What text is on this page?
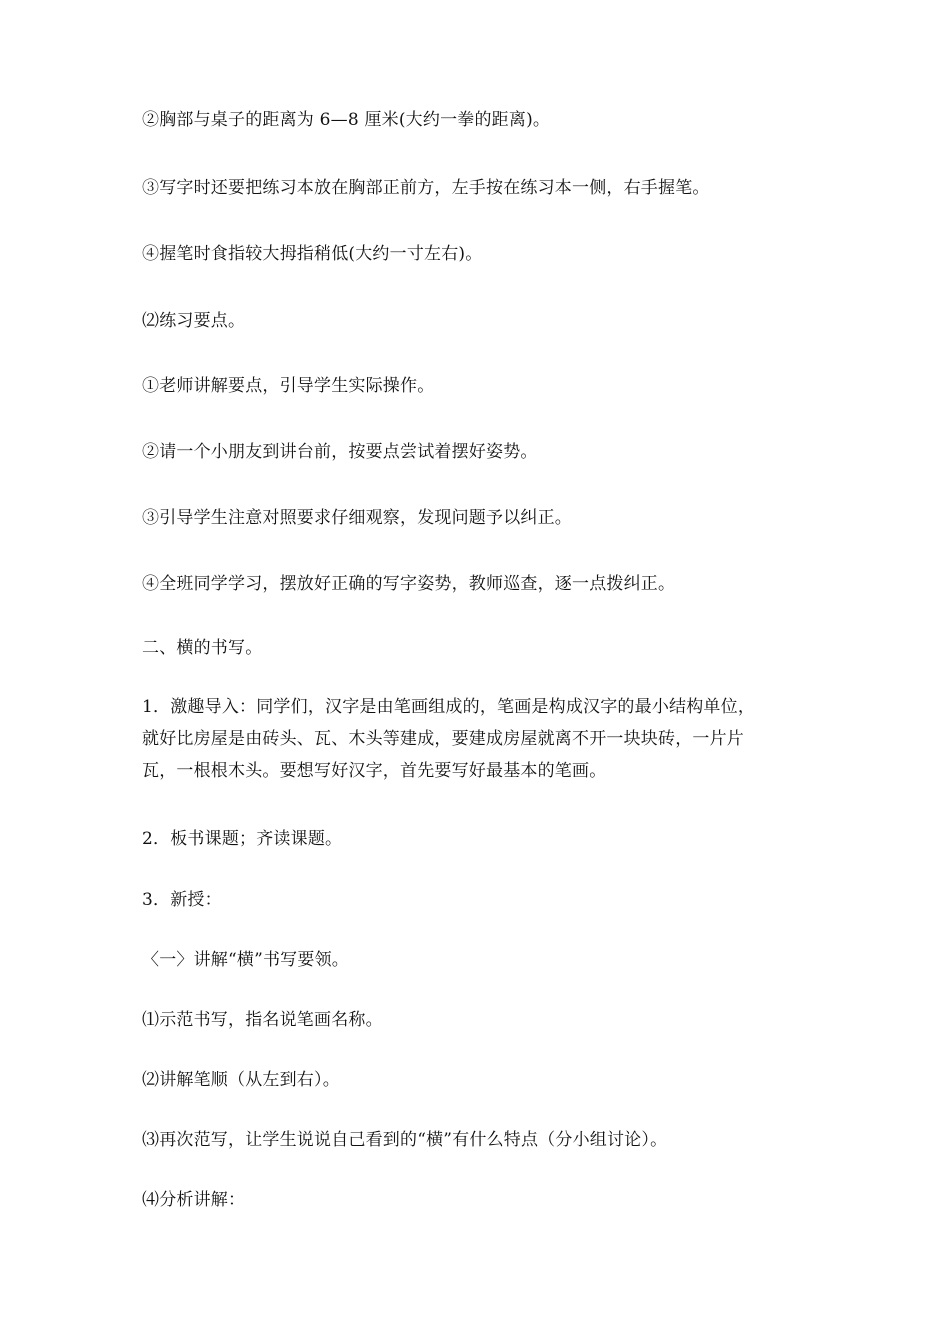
②胸部与桌子的距离为 6—8 厘米(大约一拳的距离)。
③写字时还要把练习本放在胸部正前方，左手按在练习本一侧，右手握笔。
④握笔时食指较大拇指稍低(大约一寸左右)。
⑵练习要点。
①老师讲解要点，引导学生实际操作。
②请一个小朋友到讲台前，按要点尝试着摆好姿势。
③引导学生注意对照要求仔细观察，发现问题予以纠正。
④全班同学学习，摆放好正确的写字姿势，教师巡查，逐一点拨纠正。
二、横的书写。
1．激趣导入：同学们，汉字是由笔画组成的，笔画是构成汉字的最小结构单位，
就好比房屋是由砖头、瓦、木头等建成，要建成房屋就离不开一块块砖，一片片
瓦，一根根木头。要想写好汉字，首先要写好最基本的笔画。
2．板书课题；齐读课题。
3．新授：
〈一〉讲解“横”书写要领。
⑴示范书写，指名说笔画名称。
⑵讲解笔顺（从左到右）。
⑶再次范写，让学生说说自己看到的“横”有什么特点（分小组讨论）。
⑷分析讲解：
